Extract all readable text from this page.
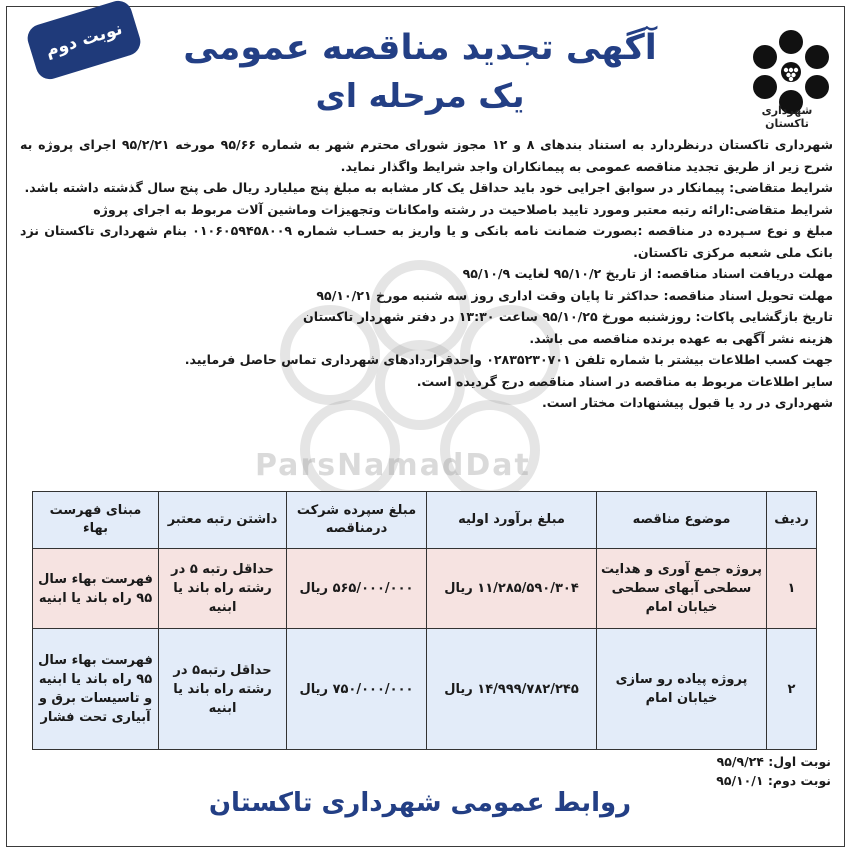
نوبت دوم
شهرداری تاکستان
آگهی تجدید مناقصه عمومی
یک مرحله ای
ParsNamadDat

شهرداری تاکستان درنظردارد به استناد بندهای ۸ و ۱۲ مجوز شورای محترم شهر به شماره ۹۵/۶۶ مورخه ۹۵/۲/۲۱ اجرای پروژه به شرح زیر از طریق تجدید مناقصه عمومی به پیمانکاران واجد شرایط واگذار نماید.

شرایط متقاضی: پیمانکار در سوابق اجرایی خود باید حداقل یک کار مشابه به مبلغ پنج میلیارد ریال طی پنج سال گذشته داشته باشد.

شرایط متقاضی:ارائه رتبه معتبر ومورد تایید باصلاحیت در رشته وامکانات وتجهیزات وماشین آلات مربوط به اجرای پروژه

مبلغ و نوع سـپرده در مناقصه :بصورت ضمانت نامه بانکی و یا واریز به حسـاب شماره ۰۱۰۶۰۵۹۴۵۸۰۰۹ بنام شهرداری تاکستان نزد بانک ملی شعبه مرکزی تاکستان.

مهلت دریافت اسناد مناقصه: از تاریخ ۹۵/۱۰/۲ لغایت ۹۵/۱۰/۹

مهلت تحویل اسناد مناقصه: حداکثر تا پایان وقت اداری روز سه شنبه مورخ ۹۵/۱۰/۲۱

تاریخ بازگشایی پاکات: روزشنبه مورخ ۹۵/۱۰/۲۵ ساعت ۱۳:۳۰ در دفتر شهردار تاکستان

هزینه نشر آگهی به عهده برنده مناقصه می باشد.

جهت کسب اطلاعات بیشتر با شماره تلفن ۰۲۸۳۵۲۳۰۷۰۱ واحدقراردادهای شهرداری تماس حاصل فرمایید.

سایر اطلاعات مربوط به مناقصه در اسناد مناقصه درج گردیده است.

شهرداری در رد یا قبول پیشنهادات مختار است.

ردیف	موضوع مناقصه	مبلغ برآورد اولیه	مبلغ سپرده شرکت درمناقصه	داشتن رتبه معتبر	مبنای فهرست بهاء
۱	پروژه جمع آوری و هدایت سطحی آبهای سطحی خیابان امام	۱۱/۲۸۵/۵۹۰/۳۰۴ ریال	۵۶۵/۰۰۰/۰۰۰ ریال	حداقل رتبه ۵ در رشته راه باند یا ابنیه	فهرست بهاء سال ۹۵ راه باند یا ابنیه
۲	پروژه پیاده رو سازی خیابان امام	۱۴/۹۹۹/۷۸۲/۲۴۵ ریال	۷۵۰/۰۰۰/۰۰۰ ریال	حداقل رتبه۵ در رشته راه باند یا ابنیه	فهرست بهاء سال ۹۵ راه باند یا ابنیه و تاسیسات برق و آبیاری تحت فشار
نوبت اول: ۹۵/۹/۲۴
نوبت دوم: ۹۵/۱۰/۱
روابط عمومی شهرداری تاکستان
